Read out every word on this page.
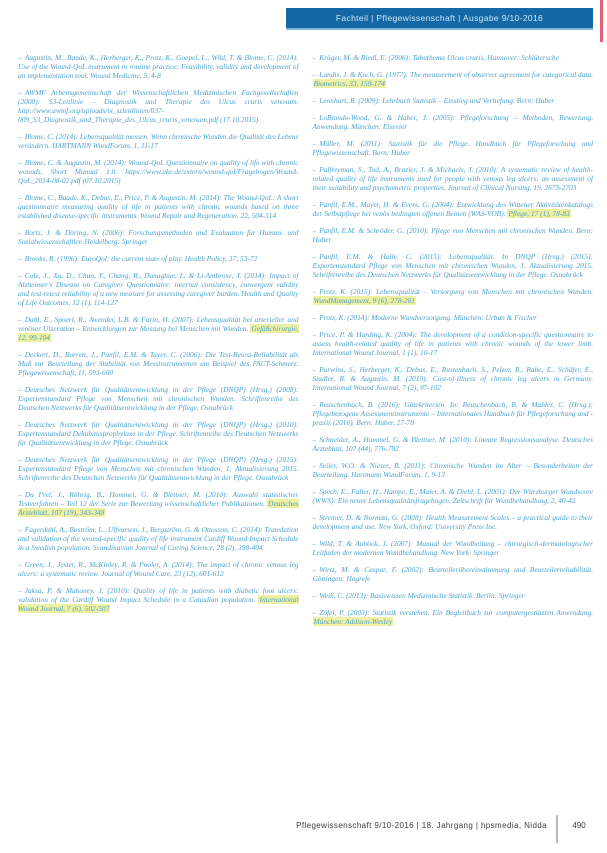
Fachteil | Pflegewissenschaft | Ausgabe 9/10-2016
– Augustin, M., Baade, K., Herberger, K., Protz, K., Goepel, L., Wild, T. & Blome, C. (2014): Use of the Wound-QoL instrument in routine practice: Feasibility, validity and development of an implementation tool. Wound Medicine, 5, 4-8
– AWMF Arbeitsgemeinschaft der Wissenschaftlichen Medizinischen Fachgesellschaften (2008): S3-Leitlinie – Diagnostik und Therapie des Ulcus cruris venosum. http://www.awmf.org/uploads/tx_szleitlinien/037-009_S3_Diagnostik_und_Therapie_des_Ulcus_cruris_venosum.pdf (17.10.2015)
– Blome, C. (2014): Lebensqualität messen. Wenn chronische Wunden die Qualität des Lebens verändern. HARTMANN WundForum, 1, 11-17
– Blome, C. & Augustin, M. (2014): Wound-QoL Questionnaire on quality of life with chronic wounds. Short Manual 1.0. https://www.uke.de/extern/wound-qol/Fragebogen/Wound-QoL_2014-08-02.pdf (07.10.2015)
– Blome, C., Baade, K., Debus, E., Price, P. & Augustin, M. (2014): The Wound-QoL: A short questionnaire measuring quality of life in patients with chronic wounds based on three established disease-specific instruments. Wound Repair and Regeneration, 22, 504-514
– Bortz, J. & Döring, N. (2006): Forschungsmethoden und Evaluation für Human- und Sozialwissenschaftler. Heidelberg: Springer
– Brooks, R. (1996): EuroQol: the current state of play. Health Policy, 37, 53-72
– Cole, J., Xu, D., Chun, Y., Chang, R., Donaghue, L. & Li-Ambrose, J. (2014): Impact of Alzheimer's Disease on Caregiver Questionnaire: internal consistency, convergent validity and test-retest reliability of a new measure for assessing caregiver burden. Health and Quality of Life Outcomes, 12 (1), 114-127
– Dahl, E., Spoerl, R., Awender, L.B. & Farin, H. (2007): Lebensqualität bei arterieller und venöser Ulzeration – Entwicklungen zur Messung bei Menschen mit Wunden. Gefäßchirurgie, 12, 99-104
– Deckert, D., Borrett, J., Panfil, E.M. & Tayer, C. (2006): Die Test-Retest-Reliabilität als Maß zur Beurteilung der Stabilität von Messinstrumenten am Beispiel des FACT-Schmerz. Pflegewissenschaft, 11, 593-600
– Deutsches Netzwerk für Qualitätsentwicklung in der Pflege (DNQP) (Hrsg.) (2008): Expertenstandard Pflege von Menschen mit chronischen Wunden. Schriftenreihe des Deutschen Netzwerks für Qualitätsentwicklung in der Pflege. Osnabrück
– Deutsches Netzwerk für Qualitätsentwicklung in der Pflege (DNQP) (Hrsg.) (2010): Expertenstandard Dekubitusprophylaxe in der Pflege. Schriftenreihe des Deutschen Netzwerks für Qualitätsentwicklung in der Pflege. Osnabrück
– Deutsches Netzwerk für Qualitätsentwicklung in der Pflege (DNQP) (Hrsg.) (2015): Expertenstandard Pflege von Menschen mit chronischen Wunden, 1. Aktualisierung 2015. Schriftenreihe des Deutschen Netzwerks für Qualitätsentwicklung in der Pflege. Osnabrück
– Du Prel, J., Röhrig, B., Hommel, G. & Blettner, M. (2010): Auswahl statistischer Testverfahren – Teil 12 der Serie zur Bewertung wissenschaftlicher Publikationen. Deutsches Ärzteblatt, 107 (19), 343-348
– Fagerdahl, A., Boström, L., Ulfvarson, J., Bergström, G. & Ottosson, C. (2014): Translation and validation of the wound-specific quality of life instrument Cardiff Wound Impact Schedule in a Swedish population. Scandinavian Journal of Caring Science, 28 (2), 398-404
– Green, J., Jester, R., McKinley, R. & Pooler, A. (2014): The impact of chronic venous leg ulcers: a systematic review. Journal of Wound Care, 23 (12), 601-612
– Jaksa, P. & Mahoney, J. (2010): Quality of life in patients with diabetic foot ulcers: validation of the Cardiff Wound Impact Schedule in a Canadian population. International Wound Journal, 7 (6), 502-507
– Krüger, M. & Riedl, E. (2006): Tabuthema Ulcus cruris. Hannover: Schlütersche
– Landis, J. & Koch, G. (1977): The measurement of observer agreement for categorical data. Biometrics, 33, 159-174
– Leonhart, R. (2009): Lehrbuch Statistik – Einstieg und Vertiefung. Bern: Huber
– LoBiondo-Wood, G. & Haber, J. (2005): Pflegeforschung – Methoden, Bewertung, Anwendung. München: Elsevier
– Müller, M. (2011): Statistik für die Pflege. Handbuch für Pflegeforschung und Pflegewissenschaft. Bern: Huber
– Palfreyman, S., Tod, A., Brazier, J. & Michaels, J. (2010): A systematic review of health-related quality of life instruments used for people with venous leg ulcers: an assessment of their suitability and psychometric properties. Journal of Clinical Nursing, 19, 2673-2703
– Panfil, E.M., Mayer, H. & Evers, G. (2004): Entwicklung des Wittener Aktivitätenkatalogs der Selbstpflege bei venös bedingten offenen Beinen (WAS-VOB). Pflege, 17 (1), 78-83
– Panfil, E.M. & Schröder, G. (2010): Pflege von Menschen mit chronischen Wunden. Bern: Huber
– Panfil, E.M. & Halle, C. (2015): Lebensqualität. In DNQP (Hrsg.) (2015): Expertenstandard Pflege von Menschen mit chronischen Wunden, 1. Aktualisierung 2015. Schriftenreihe des Deutschen Netzwerks für Qualitätsentwicklung in der Pflege. Osnabrück
– Protz, K. (2015): Lebensqualität – Versorgung von Menschen mit chronischen Wunden. WundManagement, 9 (6), 278-281
– Protz, K. (2014): Moderne Wundversorgung. München: Urban & Fischer
– Price, P. & Harding, K. (2004): The development of a condition-specific questionnaire to assess health-related quality of life in patients with chronic wounds of the lower limb. International Wound Journal, 1 (1), 10-17
– Purwins, S., Herberger, K., Debus, E., Rustenbach, S., Pelzer, R., Rabe, E., Schäfer, E., Stadler, R. & Augustin, M. (2010): Cost-of-illness of chronic leg ulcers in Germany. International Wound Journal, 7 (2), 97-102
– Reuschenbach, B. (2016): Gütekriterien. In: Reuschenbach, B. & Mahler, C. (Hrsg.): Pflegebezogene Assessmentinstrumente – Internationales Handbuch für Pflegeforschung und -praxis (2016). Bern: Huber, 27-78
– Schneider, A., Hommel, G. & Blettner, M. (2010): Lineare Regressionsanalyse. Deutsches Ärzteblatt, 107 (44), 776-782
– Seiler, W.O. & Nieser, B. (2011): Chronische Wunden im Alter – Besonderheiten der Beurteilung. Hartmann WundForum, 1, 9-13
– Spech, E., Faller, H., Hampe, E., Maier, A. & Diehl, L. (2001): Der Würzburger Wundscore (WWS): Ein neuer Lebensqualitätsfragebogen. Zeitschrift für Wundbehandlung, 2, 40-42
– Streiner, D. & Norman, G. (2008): Health Measurement Scales – a practical guide to their development and use. New York, Oxford: University Press Inc.
– Wild, T. & Auböck, J. (2007): Manual der Wundheilung – chirurgisch-dermatologischer Leitfaden der modernen Wundbehandlung. New York: Springer
– Wirtz, M. & Caspar, F. (2002): Beurteilerübereinstimmung und Beurteilerreliabilität. Göttingen: Hogrefe
– Weiß, C. (2013): Basiswissen Medizinische Statistik. Berlin: Springer
– Zöfel, P. (2003): Statistik verstehen. Ein Begleitbuch zur computergestützten Anwendung. München: Addison-Wesley
Pflegewissenschaft 9/10-2016 | 18. Jahrgang | hpsmedia, Nidda	490
